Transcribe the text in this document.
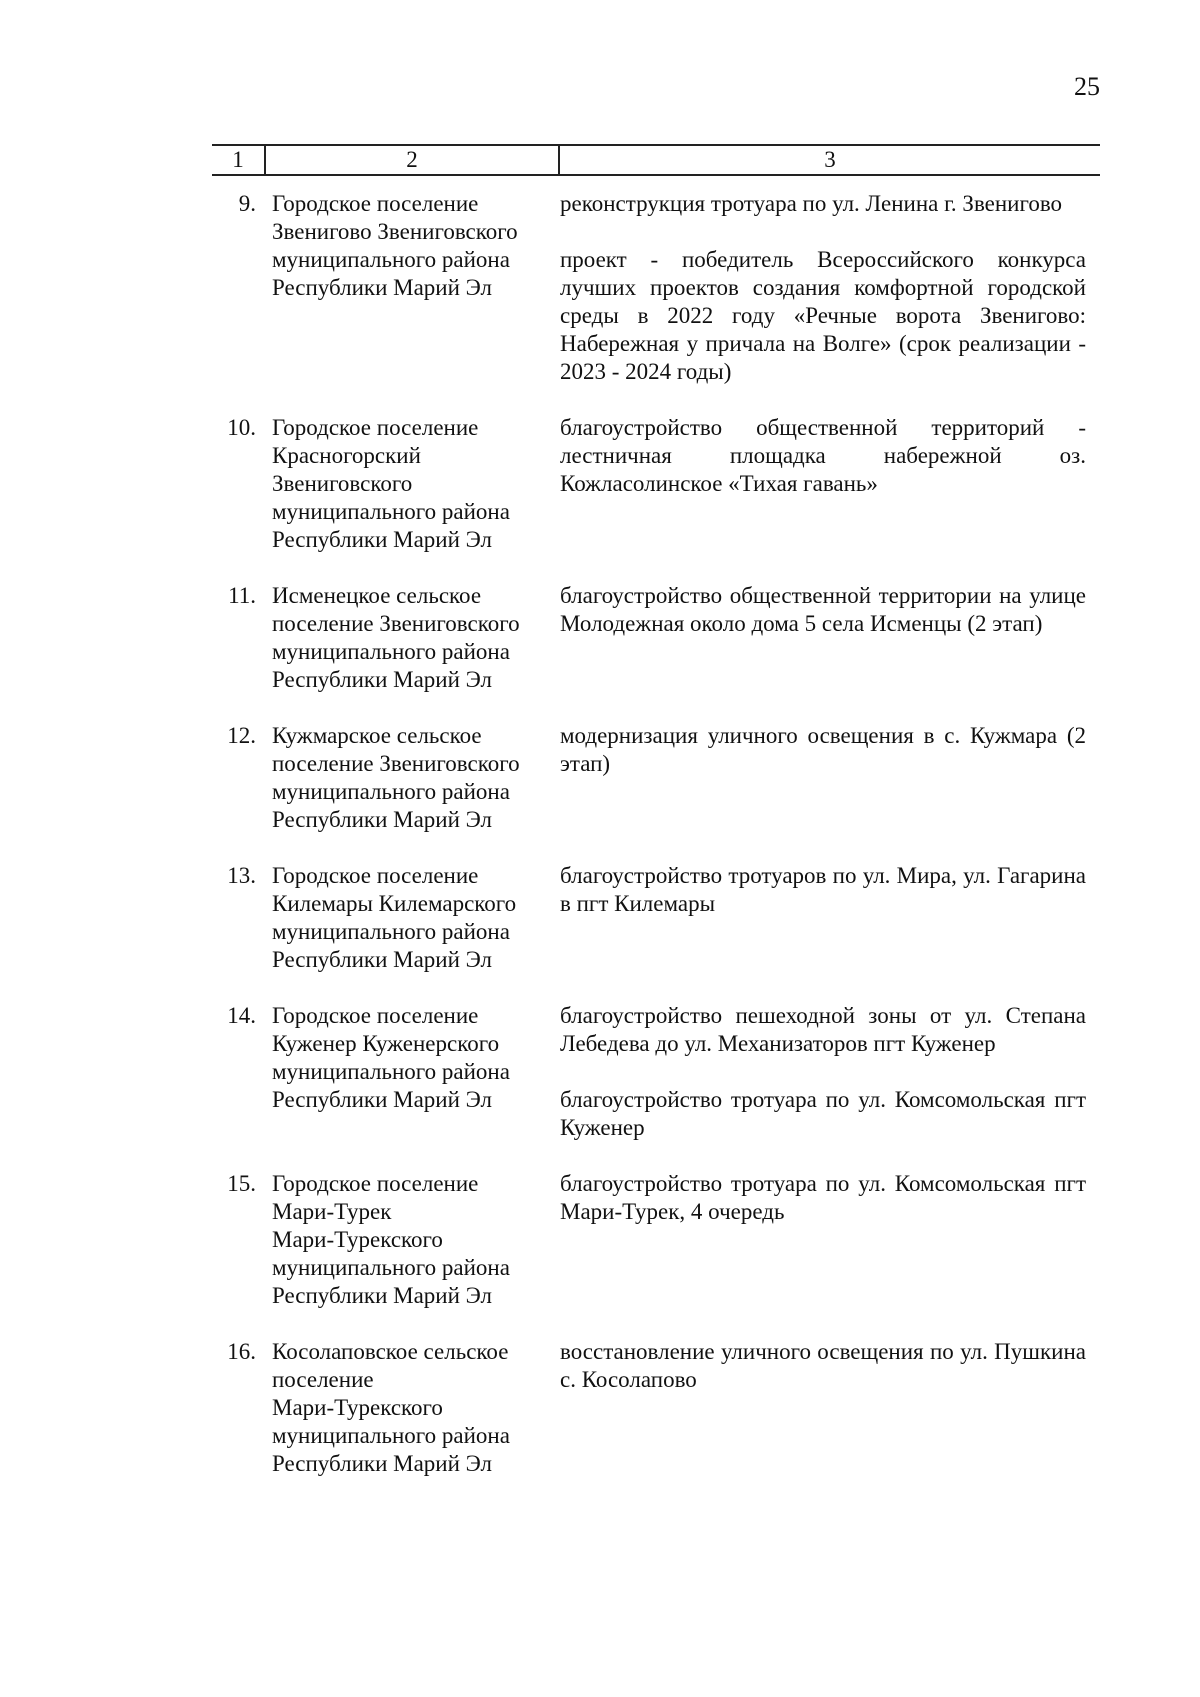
25
1	2	3
9. Городское поселение
Звенигово Звениговского
муниципального района
Республики Марий Эл
реконструкция тротуара по ул. Ленина г. Звенигово
проект - победитель Всероссийского конкурса лучших проектов создания комфортной городской среды в 2022 году «Речные ворота Звенигово: Набережная у причала на Волге» (срок реализации - 2023 - 2024 годы)
10. Городское поселение
Красногорский
Звениговского
муниципального района
Республики Марий Эл
благоустройство общественной территорий - лестничная площадка набережной оз. Кожласолинское «Тихая гавань»
11. Исменецкое сельское
поселение Звениговского
муниципального района
Республики Марий Эл
благоустройство общественной территории на улице Молодежная около дома 5 села Исменцы (2 этап)
12. Кужмарское сельское
поселение Звениговского
муниципального района
Республики Марий Эл
модернизация уличного освещения в с. Кужмара (2 этап)
13. Городское поселение
Килемары Килемарского
муниципального района
Республики Марий Эл
благоустройство тротуаров по ул. Мира, ул. Гагарина в пгт Килемары
14. Городское поселение
Куженер Куженерского
муниципального района
Республики Марий Эл
благоустройство пешеходной зоны от ул. Степана Лебедева до ул. Механизаторов пгт Куженер
благоустройство тротуара по ул. Комсомольская пгт Куженер
15. Городское поселение
Мари-Турек
Мари-Турекского
муниципального района
Республики Марий Эл
благоустройство тротуара по ул. Комсомольская пгт Мари-Турек, 4 очередь
16. Косолаповское сельское
поселение
Мари-Турекского
муниципального района
Республики Марий Эл
восстановление уличного освещения по ул. Пушкина с. Косолапово
